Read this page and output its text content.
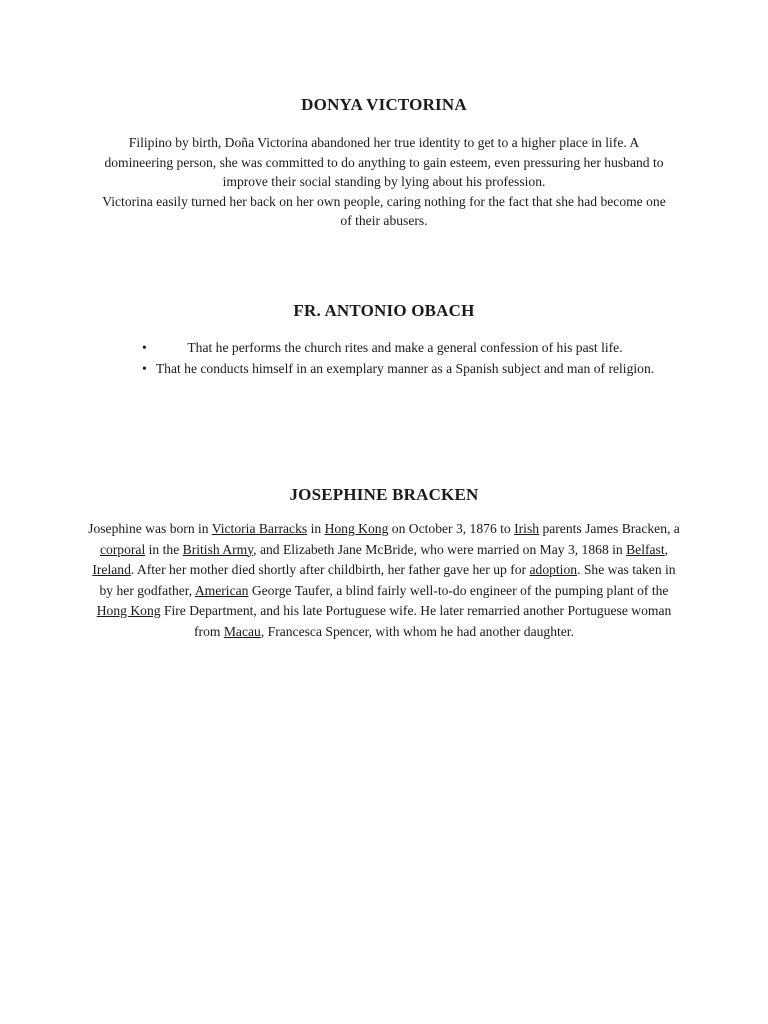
DONYA VICTORINA
Filipino by birth, Doña Victorina abandoned her true identity to get to a higher place in life. A domineering person, she was committed to do anything to gain esteem, even pressuring her husband to improve their social standing by lying about his profession.
Victorina easily turned her back on her own people, caring nothing for the fact that she had become one of their abusers.
FR. ANTONIO OBACH
•	That he performs the church rites and make a general confession of his past life.
• That he conducts himself in an exemplary manner as a Spanish subject and man of religion.
JOSEPHINE BRACKEN
Josephine was born in Victoria Barracks in Hong Kong on October 3, 1876 to Irish parents James Bracken, a corporal in the British Army, and Elizabeth Jane McBride, who were married on May 3, 1868 in Belfast, Ireland. After her mother died shortly after childbirth, her father gave her up for adoption. She was taken in by her godfather, American George Taufer, a blind fairly well-to-do engineer of the pumping plant of the Hong Kong Fire Department, and his late Portuguese wife. He later remarried another Portuguese woman from Macau, Francesca Spencer, with whom he had another daughter.
